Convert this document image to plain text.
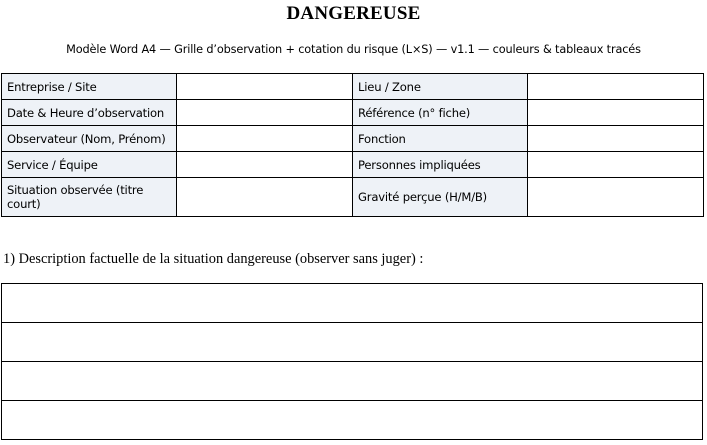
DANGEREUSE
Modèle Word A4 — Grille d’observation + cotation du risque (L×S) — v1.1 — couleurs & tableaux tracés
Entreprise / Site		Lieu / Zone	
Date & Heure d’observation		Référence (n° fiche)	
Observateur (Nom, Prénom)		Fonction	
Service / Équipe		Personnes impliquées	
Situation observée (titre court)		Gravité perçue (H/M/B)	
1) Description factuelle de la situation dangereuse (observer sans juger) :
